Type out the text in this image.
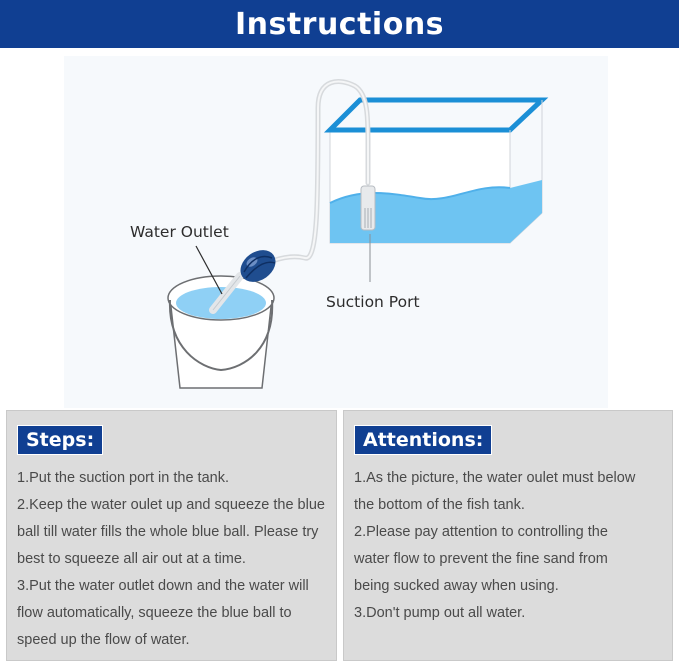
Instructions
Water Outlet
Suction Port
Steps:
1.Put the suction port in the tank.
2.Keep the water oulet up and squeeze the blue
ball till water fills the whole blue ball. Please try
best to squeeze all air out at a time.
3.Put the water outlet down and the water will
flow automatically, squeeze the blue ball to
speed up the flow of water.
Attentions:
1.As the picture, the water oulet must below
the bottom of the fish tank.
2.Please pay attention to controlling the
water flow to prevent the fine sand from
being sucked away when using.
3.Don't pump out all water.
